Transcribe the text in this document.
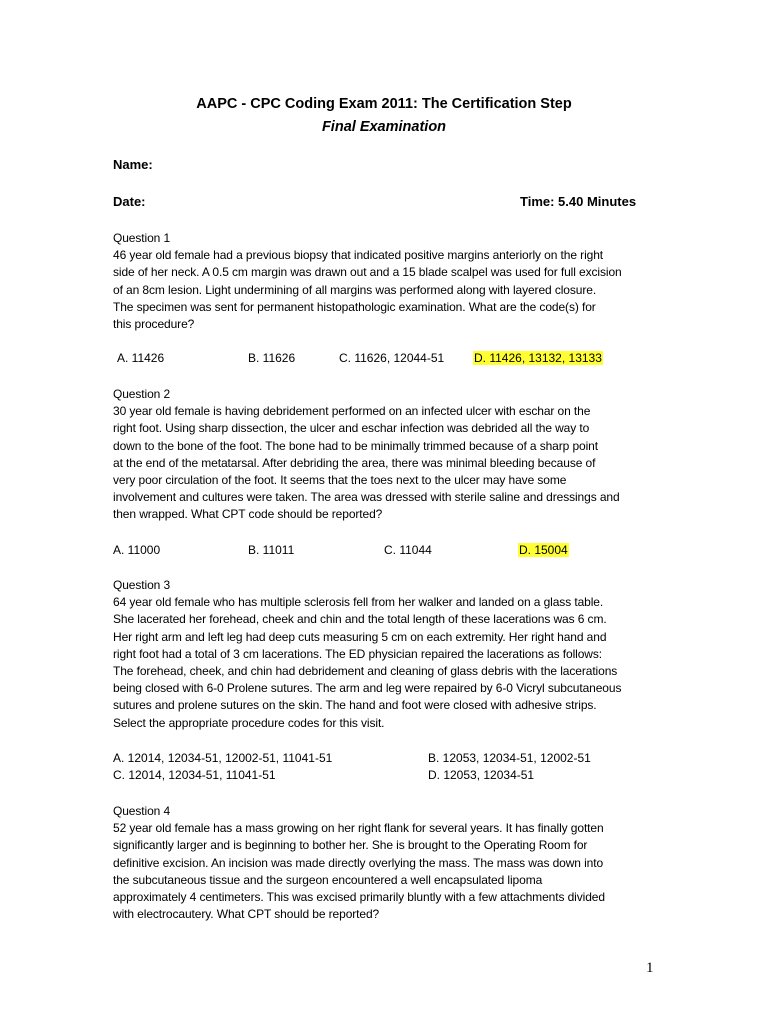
AAPC - CPC Coding Exam 2011: The Certification Step
Final Examination
Name:
Date:	Time: 5.40 Minutes
Question 1
46 year old female had a previous biopsy that indicated positive margins anteriorly on the right
side of her neck. A 0.5 cm margin was drawn out and a 15 blade scalpel was used for full excision
of an 8cm lesion. Light undermining of all margins was performed along with layered closure.
The specimen was sent for permanent histopathologic examination. What are the code(s) for
this procedure?
A. 11426	B. 11626	C. 11626, 12044-51 D. 11426, 13132, 13133
Question 2
30 year old female is having debridement performed on an infected ulcer with eschar on the
right foot. Using sharp dissection, the ulcer and eschar infection was debrided all the way to
down to the bone of the foot. The bone had to be minimally trimmed because of a sharp point
at the end of the metatarsal. After debriding the area, there was minimal bleeding because of
very poor circulation of the foot. It seems that the toes next to the ulcer may have some
involvement and cultures were taken. The area was dressed with sterile saline and dressings and
then wrapped. What CPT code should be reported?
A. 11000	B. 11011	C. 11044	D. 15004
Question 3
64 year old female who has multiple sclerosis fell from her walker and landed on a glass table.
She lacerated her forehead, cheek and chin and the total length of these lacerations was 6 cm.
Her right arm and left leg had deep cuts measuring 5 cm on each extremity. Her right hand and
right foot had a total of 3 cm lacerations. The ED physician repaired the lacerations as follows:
The forehead, cheek, and chin had debridement and cleaning of glass debris with the lacerations
being closed with 6-0 Prolene sutures. The arm and leg were repaired by 6-0 Vicryl subcutaneous
sutures and prolene sutures on the skin. The hand and foot were closed with adhesive strips.
Select the appropriate procedure codes for this visit.
A. 12014, 12034-51, 12002-51, 11041-51	B. 12053, 12034-51, 12002-51
C. 12014, 12034-51, 11041-51	D. 12053, 12034-51
Question 4
52 year old female has a mass growing on her right flank for several years. It has finally gotten
significantly larger and is beginning to bother her. She is brought to the Operating Room for
definitive excision. An incision was made directly overlying the mass. The mass was down into
the subcutaneous tissue and the surgeon encountered a well encapsulated lipoma
approximately 4 centimeters. This was excised primarily bluntly with a few attachments divided
with electrocautery. What CPT should be reported?
1
